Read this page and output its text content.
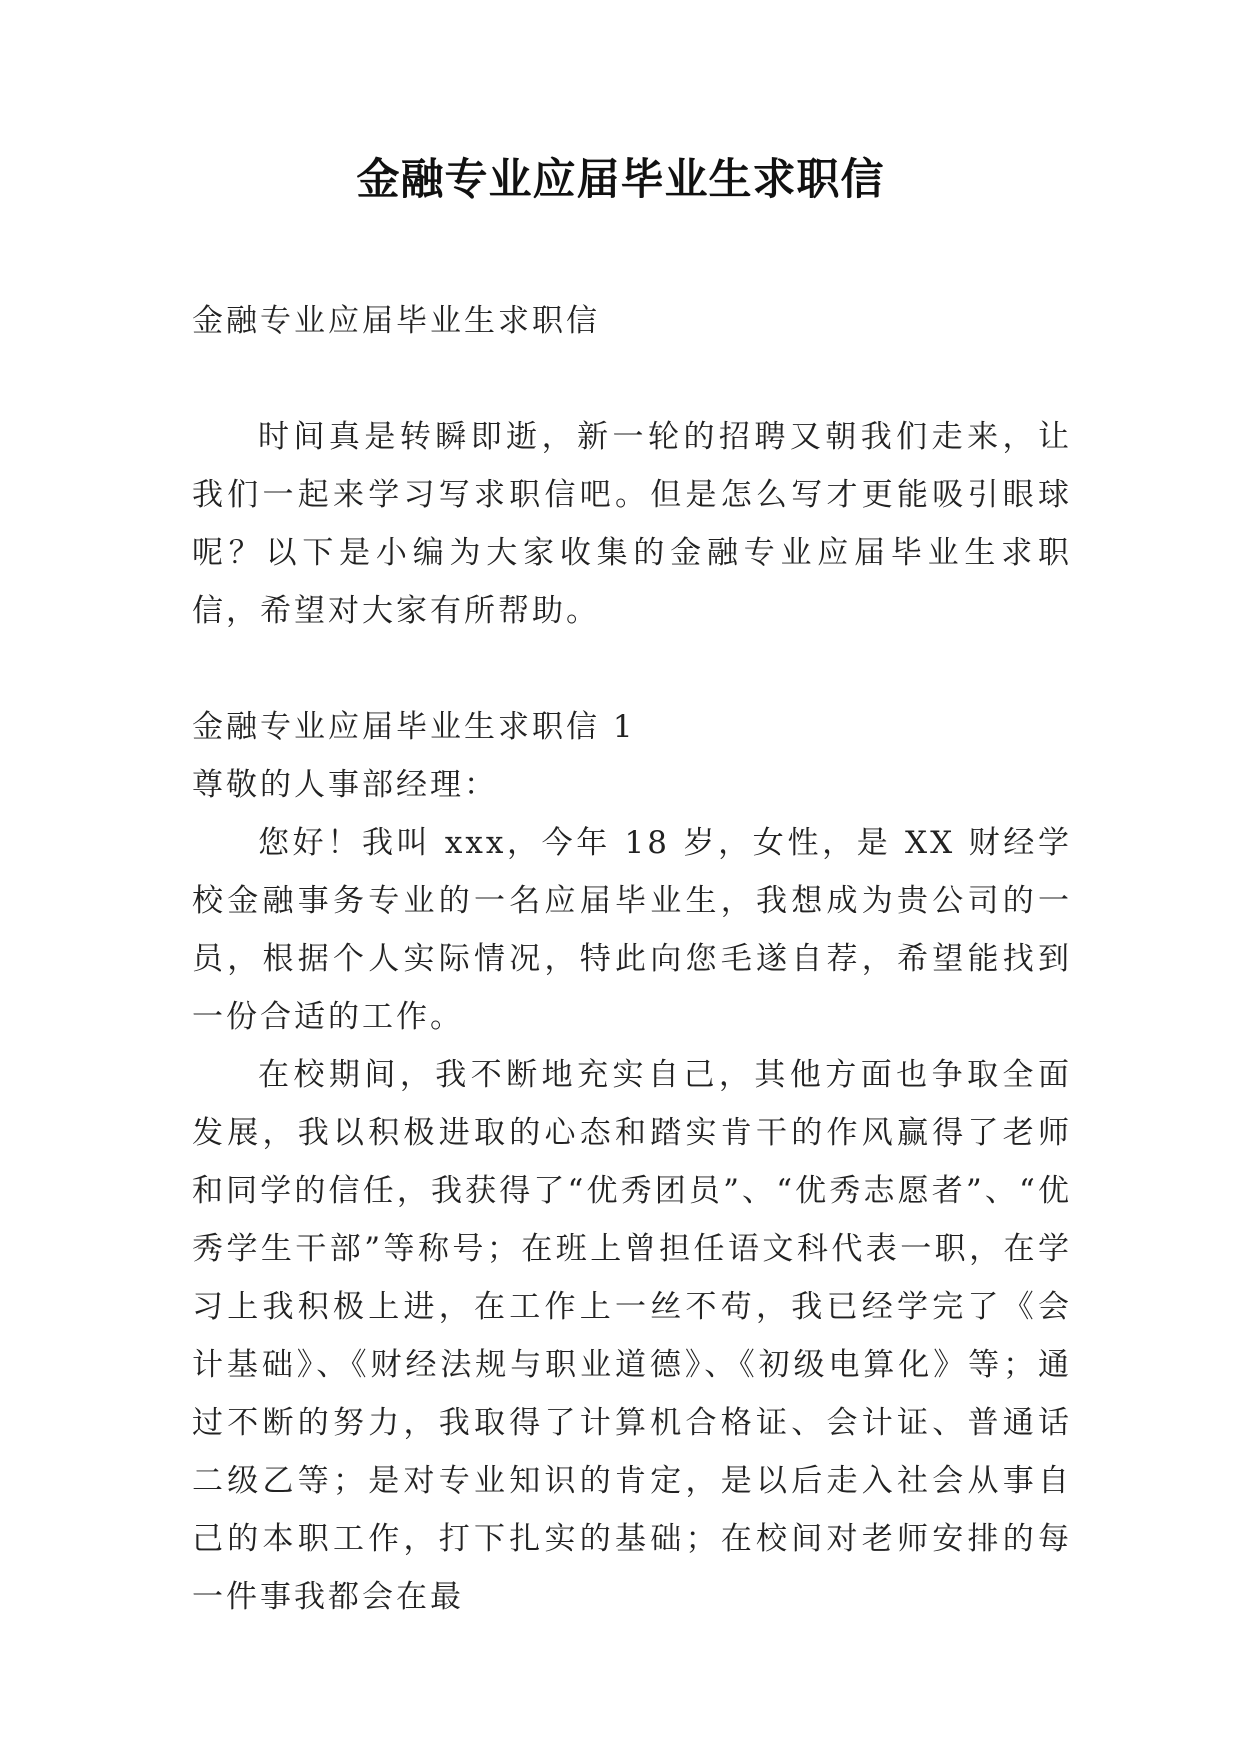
金融专业应届毕业生求职信

金融专业应届毕业生求职信

时间真是转瞬即逝，新一轮的招聘又朝我们走来，让我们一起来学习写求职信吧。但是怎么写才更能吸引眼球呢？以下是小编为大家收集的金融专业应届毕业生求职信，希望对大家有所帮助。

金融专业应届毕业生求职信 1

尊敬的人事部经理：

您好！我叫 xxx，今年 18 岁，女性，是 XX 财经学校金融事务专业的一名应届毕业生，我想成为贵公司的一员，根据个人实际情况，特此向您毛遂自荐，希望能找到一份合适的工作。

在校期间，我不断地充实自己，其他方面也争取全面发展，我以积极进取的心态和踏实肯干的作风赢得了老师和同学的信任，我获得了“优秀团员”、“优秀志愿者”、“优秀学生干部”等称号；在班上曾担任语文科代表一职，在学习上我积极上进，在工作上一丝不苟，我已经学完了《会计基础》、《财经法规与职业道德》、《初级电算化》等；通过不断的努力，我取得了计算机合格证、会计证、普通话二级乙等；是对专业知识的肯定，是以后走入社会从事自己的本职工作，打下扎实的基础；在校间对老师安排的每一件事我都会在最
